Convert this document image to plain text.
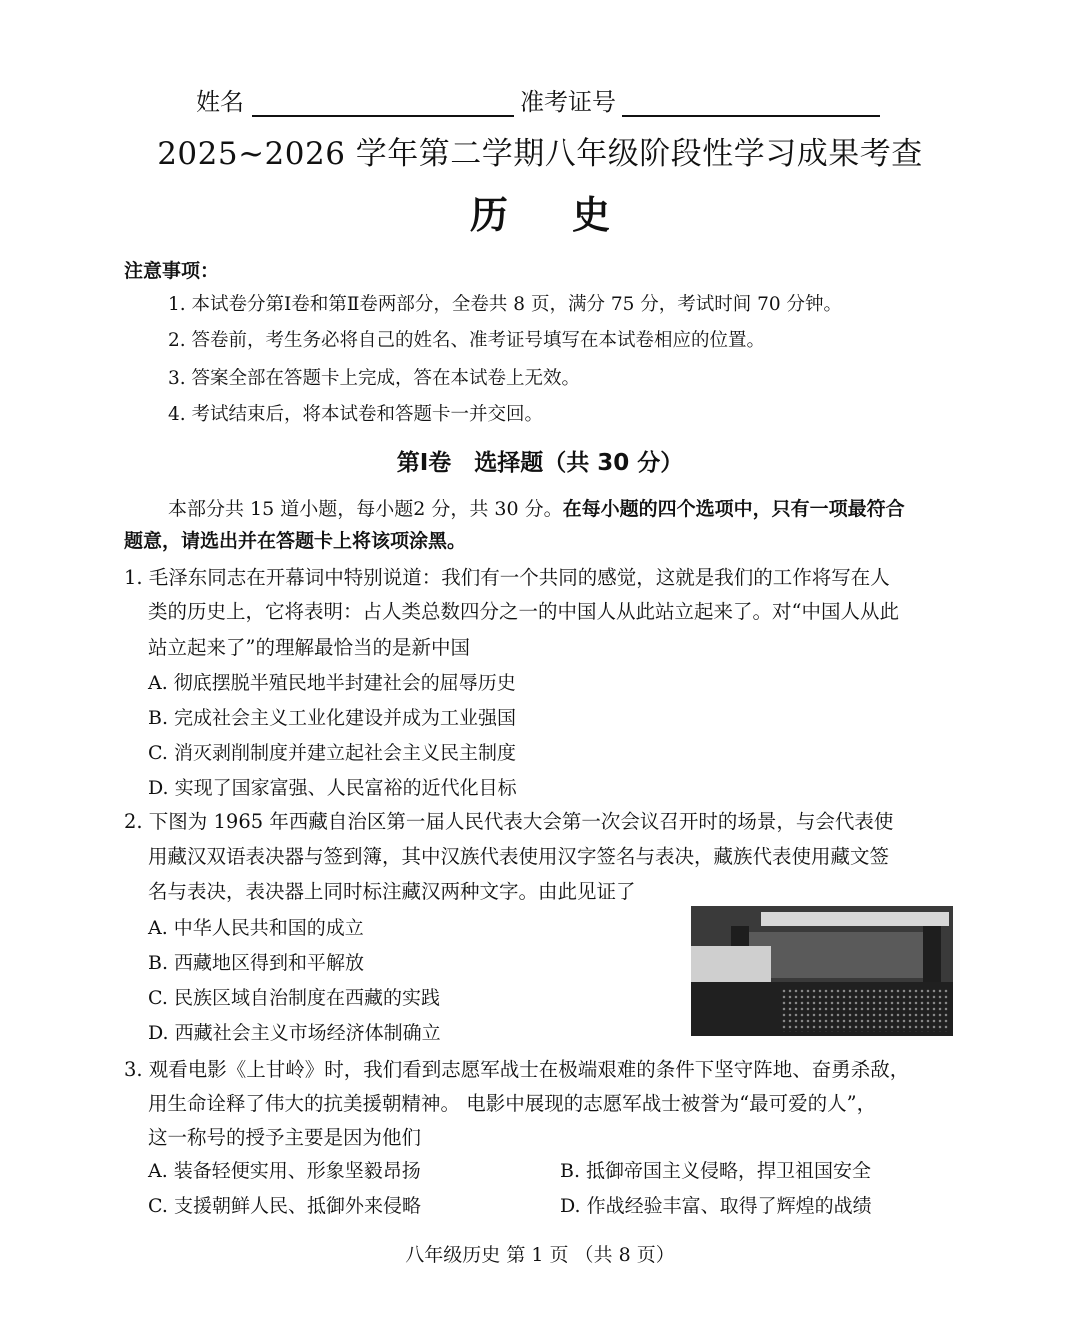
姓名	准考证号
2025~2026 学年第二学期八年级阶段性学习成果考查
历史
注意事项：
1. 本试卷分第Ⅰ卷和第Ⅱ卷两部分，全卷共 8 页，满分 75 分，考试时间 70 分钟。
2. 答卷前，考生务必将自己的姓名、准考证号填写在本试卷相应的位置。
3. 答案全部在答题卡上完成，答在本试卷上无效。
4. 考试结束后，将本试卷和答题卡一并交回。
第Ⅰ卷　选择题（共 30 分）
本部分共 15 道小题，每小题2 分，共 30 分。在每小题的四个选项中，只有一项最符合
题意，请选出并在答题卡上将该项涂黑。
1. 毛泽东同志在开幕词中特别说道：我们有一个共同的感觉，这就是我们的工作将写在人
类的历史上，它将表明：占人类总数四分之一的中国人从此站立起来了。对“中国人从此
站立起来了”的理解最恰当的是新中国
A. 彻底摆脱半殖民地半封建社会的屈辱历史
B. 完成社会主义工业化建设并成为工业强国
C. 消灭剥削制度并建立起社会主义民主制度
D. 实现了国家富强、人民富裕的近代化目标
2. 下图为 1965 年西藏自治区第一届人民代表大会第一次会议召开时的场景，与会代表使
用藏汉双语表决器与签到簿，其中汉族代表使用汉字签名与表决，藏族代表使用藏文签
名与表决，表决器上同时标注藏汉两种文字。由此见证了
A. 中华人民共和国的成立
B. 西藏地区得到和平解放
C. 民族区域自治制度在西藏的实践
D. 西藏社会主义市场经济体制确立
3. 观看电影《上甘岭》时，我们看到志愿军战士在极端艰难的条件下坚守阵地、奋勇杀敌，
用生命诠释了伟大的抗美援朝精神。 电影中展现的志愿军战士被誉为“最可爱的人”，
这一称号的授予主要是因为他们
A. 装备轻便实用、形象坚毅昂扬	B. 抵御帝国主义侵略，捍卫祖国安全
C. 支援朝鲜人民、抵御外来侵略	D. 作战经验丰富、取得了辉煌的战绩
八年级历史 第 1 页 （共 8 页）
